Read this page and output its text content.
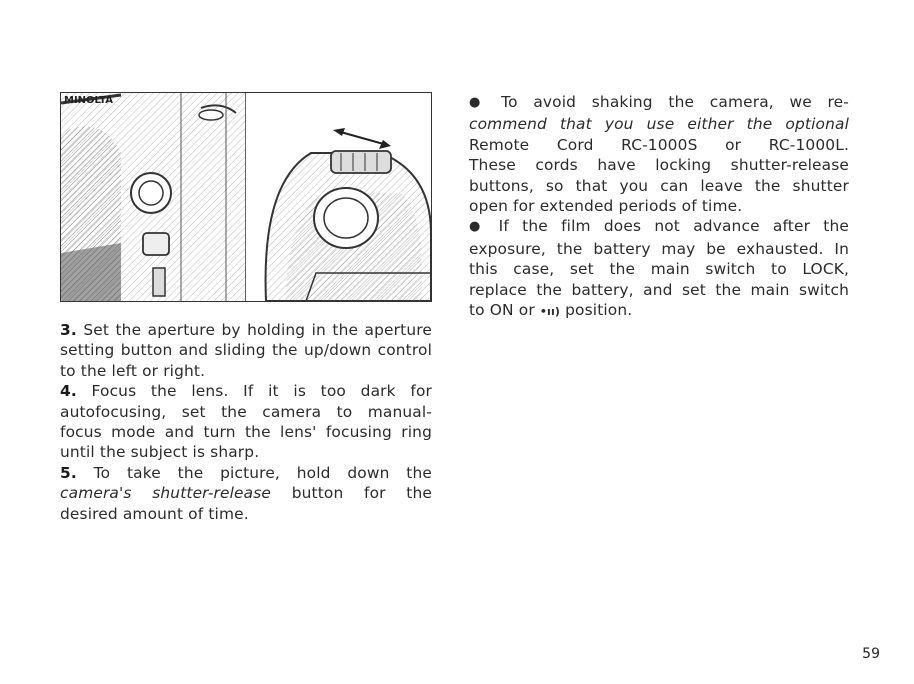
MINOLTA
3. Set the aperture by holding in the aperture
setting button and sliding the up/down control
to the left or right.
4. Focus the lens. If it is too dark for
autofocusing, set the camera to manual-
focus mode and turn the lens' focusing ring
until the subject is sharp.
5. To take the picture, hold down the
camera's shutter-release button for the
desired amount of time.
● To avoid shaking the camera, we re-
commend that you use either the optional
Remote Cord RC-1000S or RC-1000L.
These cords have locking shutter-release
buttons, so that you can leave the shutter
open for extended periods of time.
● If the film does not advance after the
exposure, the battery may be exhausted. In
this case, set the main switch to LOCK,
replace the battery, and set the main switch
to ON or •ıı) position.
59
